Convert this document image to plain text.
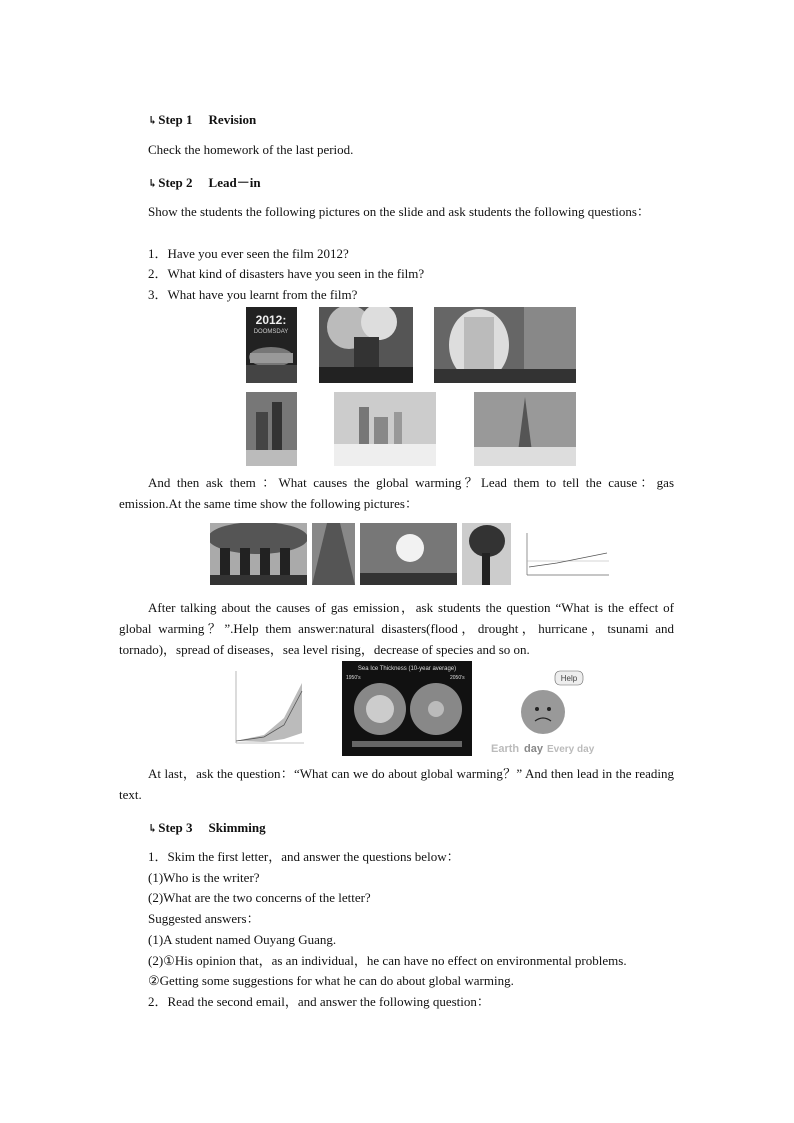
↳Step 1 Revision
Check the homework of the last period.
↳Step 2 Lead－in
Show the students the following pictures on the slide and ask students the following questions：
1．Have you ever seen the film 2012?
2．What kind of disasters have you seen in the film?
3．What have you learnt from the film?
2012:
DOOMSDAY
And then ask them ：What causes the global warming？Lead them to tell the cause：gas emission.At the same time show the following pictures：
After talking about the causes of gas emission，ask students the question “What is the effect of global warming？”.Help them answer:natural disasters(flood，drought，hurricane，tsunami and tornado)，spread of diseases，sea level rising，decrease of species and so on.
Sea Ice Thickness (10-year average)
1950's	2050's	Help
Earth day Every day
At last，ask the question：“What can we do about global warming？” And then lead in the reading text.
↳Step 3 Skimming
1．Skim the first letter，and answer the questions below：
(1)Who is the writer?
(2)What are the two concerns of the letter?
Suggested answers：
(1)A student named Ouyang Guang.
(2)①His opinion that，as an individual，he can have no effect on environmental problems.
②Getting some suggestions for what he can do about global warming.
2．Read the second email，and answer the following question：
